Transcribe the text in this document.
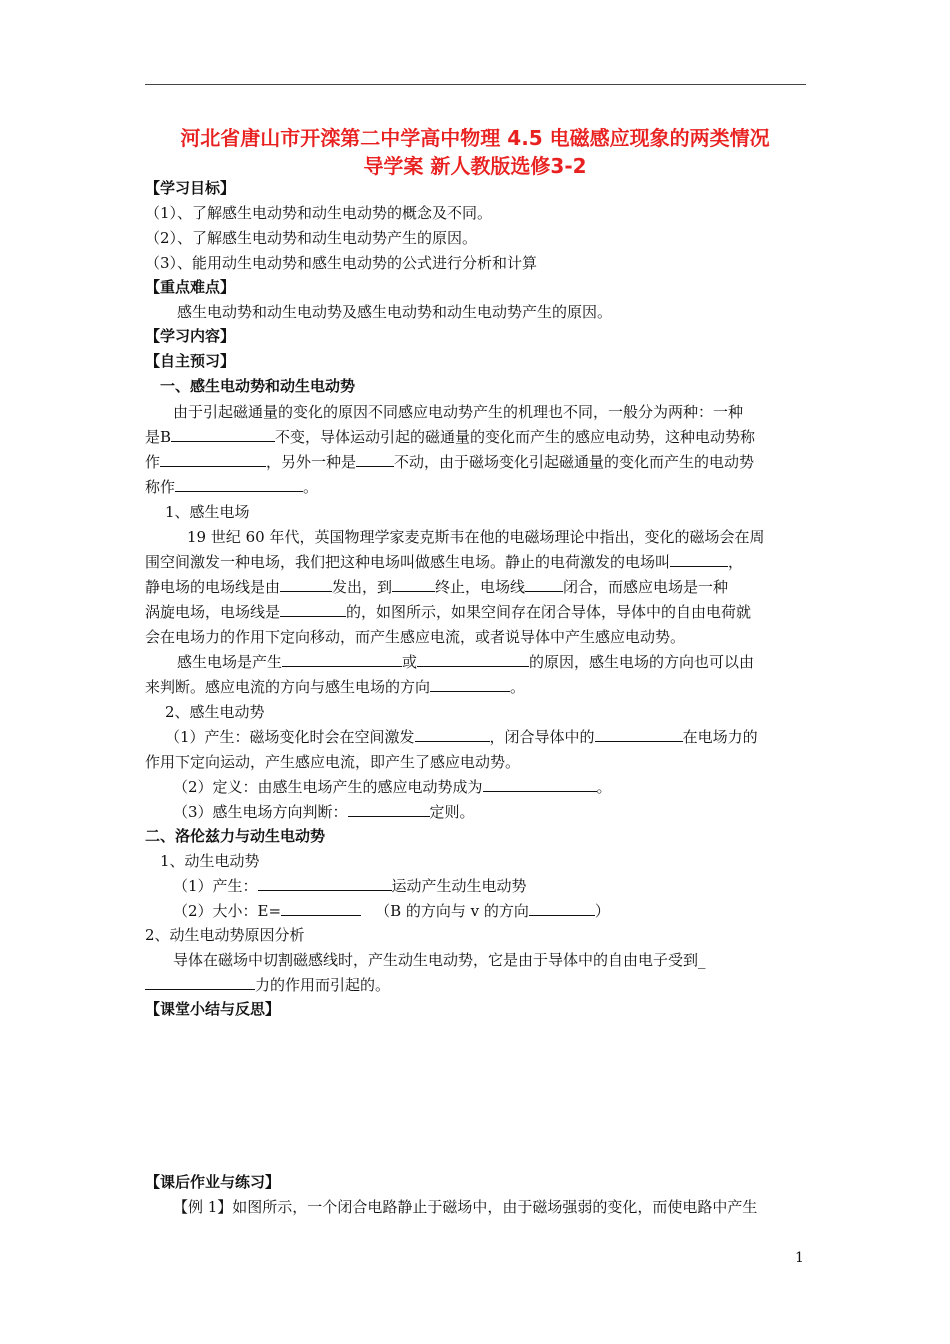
河北省唐山市开滦第二中学高中物理 4.5 电磁感应现象的两类情况
导学案 新人教版选修3-2
【学习目标】
（1）、了解感生电动势和动生电动势的概念及不同。
（2）、了解感生电动势和动生电动势产生的原因。
（3）、能用动生电动势和感生电动势的公式进行分析和计算
【重点难点】
感生电动势和动生电动势及感生电动势和动生电动势产生的原因。
【学习内容】
【自主预习】
一、感生电动势和动生电动势
由于引起磁通量的变化的原因不同感应电动势产生的机理也不同，一般分为两种：一种
是B	不变，导体运动引起的磁通量的变化而产生的感应电动势，这种电动势称
作	，另外一种是	不动，由于磁场变化引起磁通量的变化而产生的电动势
称作	。
1、感生电场
19 世纪 60 年代，英国物理学家麦克斯韦在他的电磁场理论中指出，变化的磁场会在周
围空间激发一种电场，我们把这种电场叫做感生电场。静止的电荷激发的电场叫	，
静电场的电场线是由	发出，到	终止，电场线	闭合，而感应电场是一种
涡旋电场，电场线是	的，如图所示，如果空间存在闭合导体，导体中的自由电荷就
会在电场力的作用下定向移动，而产生感应电流，或者说导体中产生感应电动势。
感生电场是产生	或	的原因，感生电场的方向也可以由
来判断。感应电流的方向与感生电场的方向	。
2、感生电动势
（1）产生：磁场变化时会在空间激发	，闭合导体中的	在电场力的
作用下定向运动，产生感应电流，即产生了感应电动势。
（2）定义：由感生电场产生的感应电动势成为	。
（3）感生电场方向判断：	定则。
二、洛伦兹力与动生电动势
1、动生电动势
（1）产生：	运动产生动生电动势
（2）大小：E=	（B 的方向与 v 的方向	）
2、动生电动势原因分析
导体在磁场中切割磁感线时，产生动生电动势，它是由于导体中的自由电子受到_
力的作用而引起的。
【课堂小结与反思】
【课后作业与练习】
【例 1】如图所示，一个闭合电路静止于磁场中，由于磁场强弱的变化，而使电路中产生
1
